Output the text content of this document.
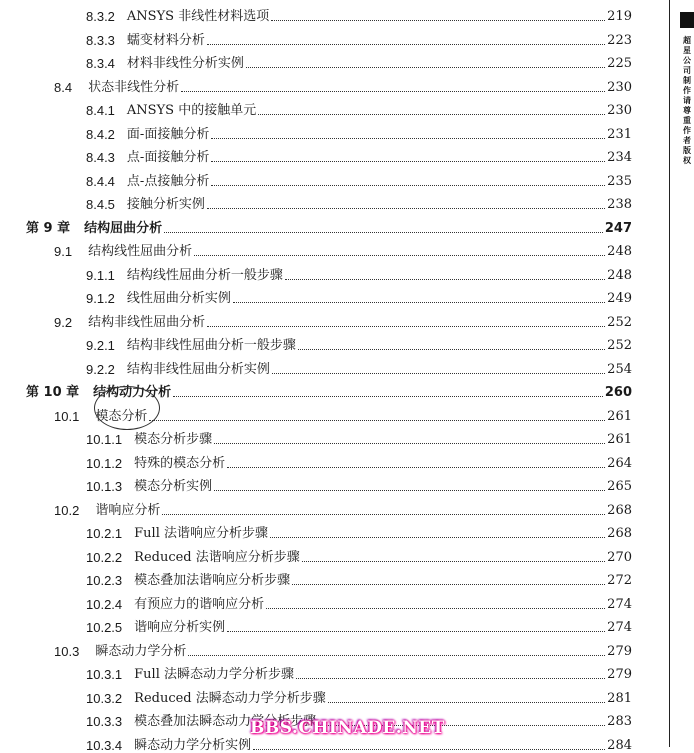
8.3.2 ANSYS 非线性材料选项	219
8.3.3 蠕变材料分析	223
8.3.4 材料非线性分析实例	225
8.4 状态非线性分析	230
8.4.1 ANSYS 中的接触单元	230
8.4.2 面-面接触分析	231
8.4.3 点-面接触分析	234
8.4.4 点-点接触分析	235
8.4.5 接触分析实例	238
第 9 章 结构屈曲分析	247
9.1 结构线性屈曲分析	248
9.1.1 结构线性屈曲分析一般步骤	248
9.1.2 线性屈曲分析实例	249
9.2 结构非线性屈曲分析	252
9.2.1 结构非线性屈曲分析一般步骤	252
9.2.2 结构非线性屈曲分析实例	254
第 10 章 结构动力分析	260
10.1 模态分析	261
10.1.1 模态分析步骤	261
10.1.2 特殊的模态分析	264
10.1.3 模态分析实例	265
10.2 谐响应分析	268
10.2.1 Full 法谐响应分析步骤	268
10.2.2 Reduced 法谐响应分析步骤	270
10.2.3 模态叠加法谐响应分析步骤	272
10.2.4 有预应力的谐响应分析	274
10.2.5 谐响应分析实例	274
10.3 瞬态动力学分析	279
10.3.1 Full 法瞬态动力学分析步骤	279
10.3.2 Reduced 法瞬态动力学分析步骤	281
10.3.3 模态叠加法瞬态动力学分析步骤	283
10.3.4 瞬态动力学分析实例	284
超星公司制作请尊重作者版权
BBS.CHINADE.NET
